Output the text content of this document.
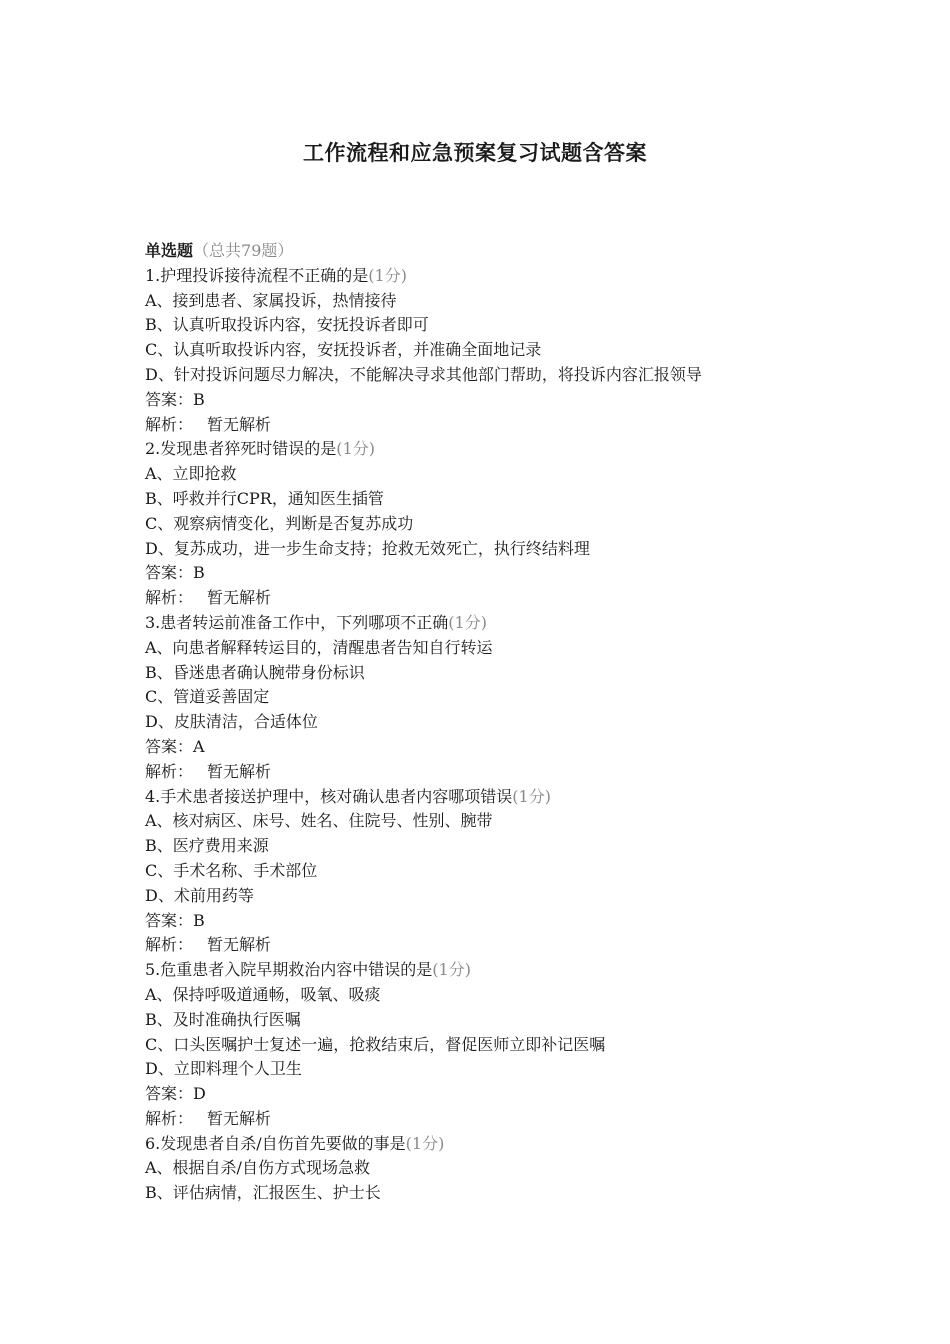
工作流程和应急预案复习试题含答案
单选题（总共79题）
1.护理投诉接待流程不正确的是(1分)
A、接到患者、家属投诉，热情接待
B、认真听取投诉内容，安抚投诉者即可
C、认真听取投诉内容，安抚投诉者，并准确全面地记录
D、针对投诉问题尽力解决，不能解决寻求其他部门帮助，将投诉内容汇报领导
答案：B
解析： 暂无解析
2.发现患者猝死时错误的是(1分)
A、立即抢救
B、呼救并行CPR，通知医生插管
C、观察病情变化，判断是否复苏成功
D、复苏成功，进一步生命支持；抢救无效死亡，执行终结料理
答案：B
解析： 暂无解析
3.患者转运前准备工作中，下列哪项不正确(1分)
A、向患者解释转运目的，清醒患者告知自行转运
B、昏迷患者确认腕带身份标识
C、管道妥善固定
D、皮肤清洁，合适体位
答案：A
解析： 暂无解析
4.手术患者接送护理中，核对确认患者内容哪项错误(1分)
A、核对病区、床号、姓名、住院号、性别、腕带
B、医疗费用来源
C、手术名称、手术部位
D、术前用药等
答案：B
解析： 暂无解析
5.危重患者入院早期救治内容中错误的是(1分)
A、保持呼吸道通畅，吸氧、吸痰
B、及时准确执行医嘱
C、口头医嘱护士复述一遍，抢救结束后，督促医师立即补记医嘱
D、立即料理个人卫生
答案：D
解析： 暂无解析
6.发现患者自杀/自伤首先要做的事是(1分)
A、根据自杀/自伤方式现场急救
B、评估病情，汇报医生、护士长
